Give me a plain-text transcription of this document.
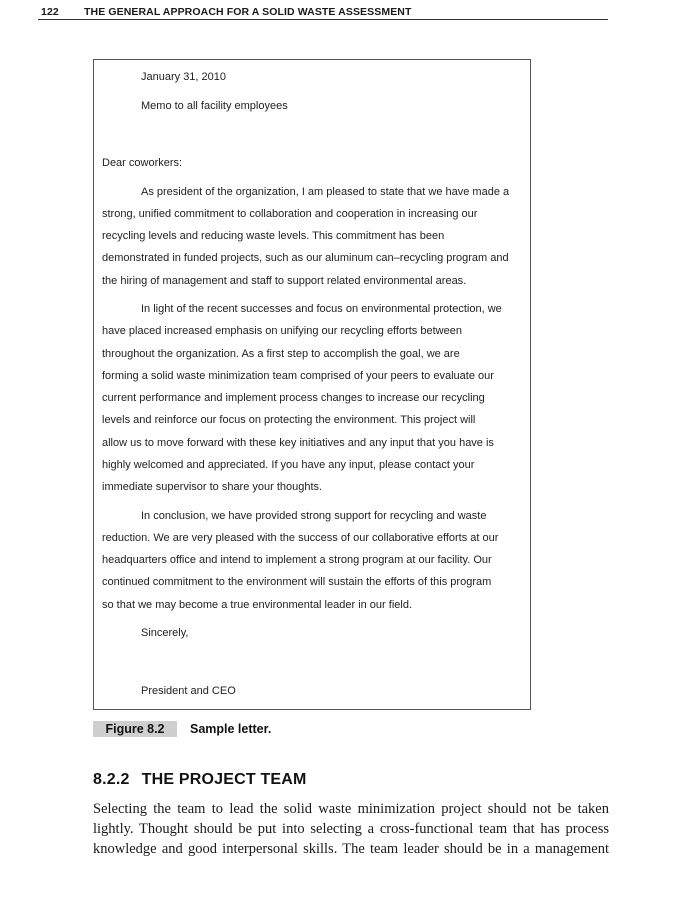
122 THE GENERAL APPROACH FOR A SOLID WASTE ASSESSMENT
January 31, 2010
Memo to all facility employees
Dear coworkers:
As president of the organization, I am pleased to state that we have made a
strong, unified commitment to collaboration and cooperation in increasing our
recycling levels and reducing waste levels. This commitment has been
demonstrated in funded projects, such as our aluminum can–recycling program and
the hiring of management and staff to support related environmental areas.
In light of the recent successes and focus on environmental protection, we
have placed increased emphasis on unifying our recycling efforts between
throughout the organization. As a first step to accomplish the goal, we are
forming a solid waste minimization team comprised of your peers to evaluate our
current performance and implement process changes to increase our recycling
levels and reinforce our focus on protecting the environment. This project will
allow us to move forward with these key initiatives and any input that you have is
highly welcomed and appreciated. If you have any input, please contact your
immediate supervisor to share your thoughts.
In conclusion, we have provided strong support for recycling and waste
reduction. We are very pleased with the success of our collaborative efforts at our
headquarters office and intend to implement a strong program at our facility. Our
continued commitment to the environment will sustain the efforts of this program
so that we may become a true environmental leader in our field.
Sincerely,
President and CEO
Figure 8.2	Sample letter.
8.2.2 THE PROJECT TEAM
Selecting the team to lead the solid waste minimization project should not be taken
lightly. Thought should be put into selecting a cross-functional team that has process
knowledge and good interpersonal skills. The team leader should be in a management
